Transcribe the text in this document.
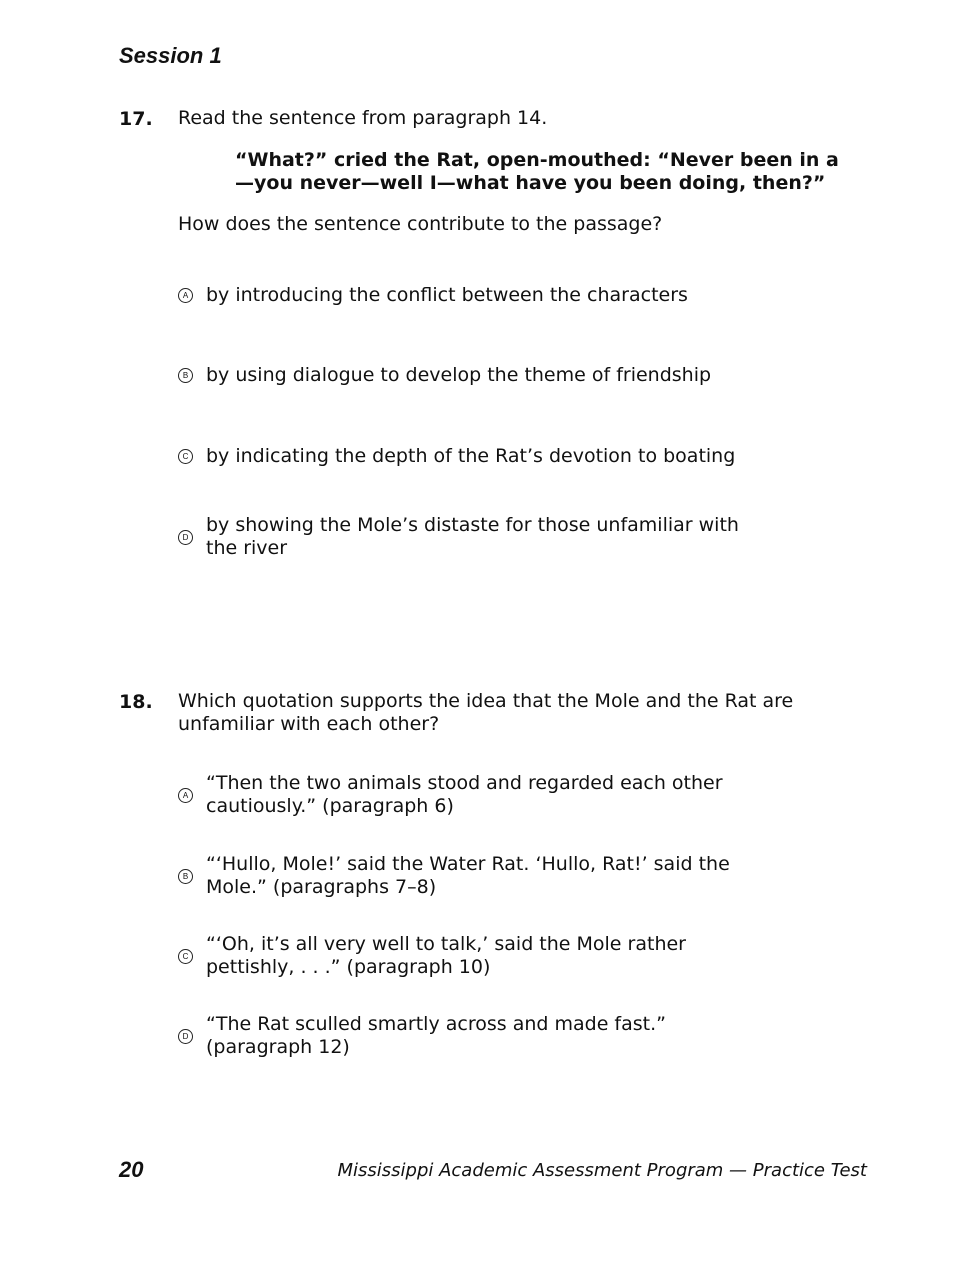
Session 1
17. Read the sentence from paragraph 14.
“What?” cried the Rat, open-mouthed: “Never been in a
—you never—well I—what have you been doing, then?”
How does the sentence contribute to the passage?
A by introducing the conflict between the characters
B by using dialogue to develop the theme of friendship
C by indicating the depth of the Rat’s devotion to boating
D
by showing the Mole’s distaste for those unfamiliar with
the river
18. Which quotation supports the idea that the Mole and the Rat are
unfamiliar with each other?
A
“Then the two animals stood and regarded each other
cautiously.” (paragraph 6)
B
“‘Hullo, Mole!’ said the Water Rat. ‘Hullo, Rat!’ said the
Mole.” (paragraphs 7–8)
C
“‘Oh, it’s all very well to talk,’ said the Mole rather
pettishly, . . .” (paragraph 10)
D
“The Rat sculled smartly across and made fast.”
(paragraph 12)
20	Mississippi Academic Assessment Program — Practice Test
